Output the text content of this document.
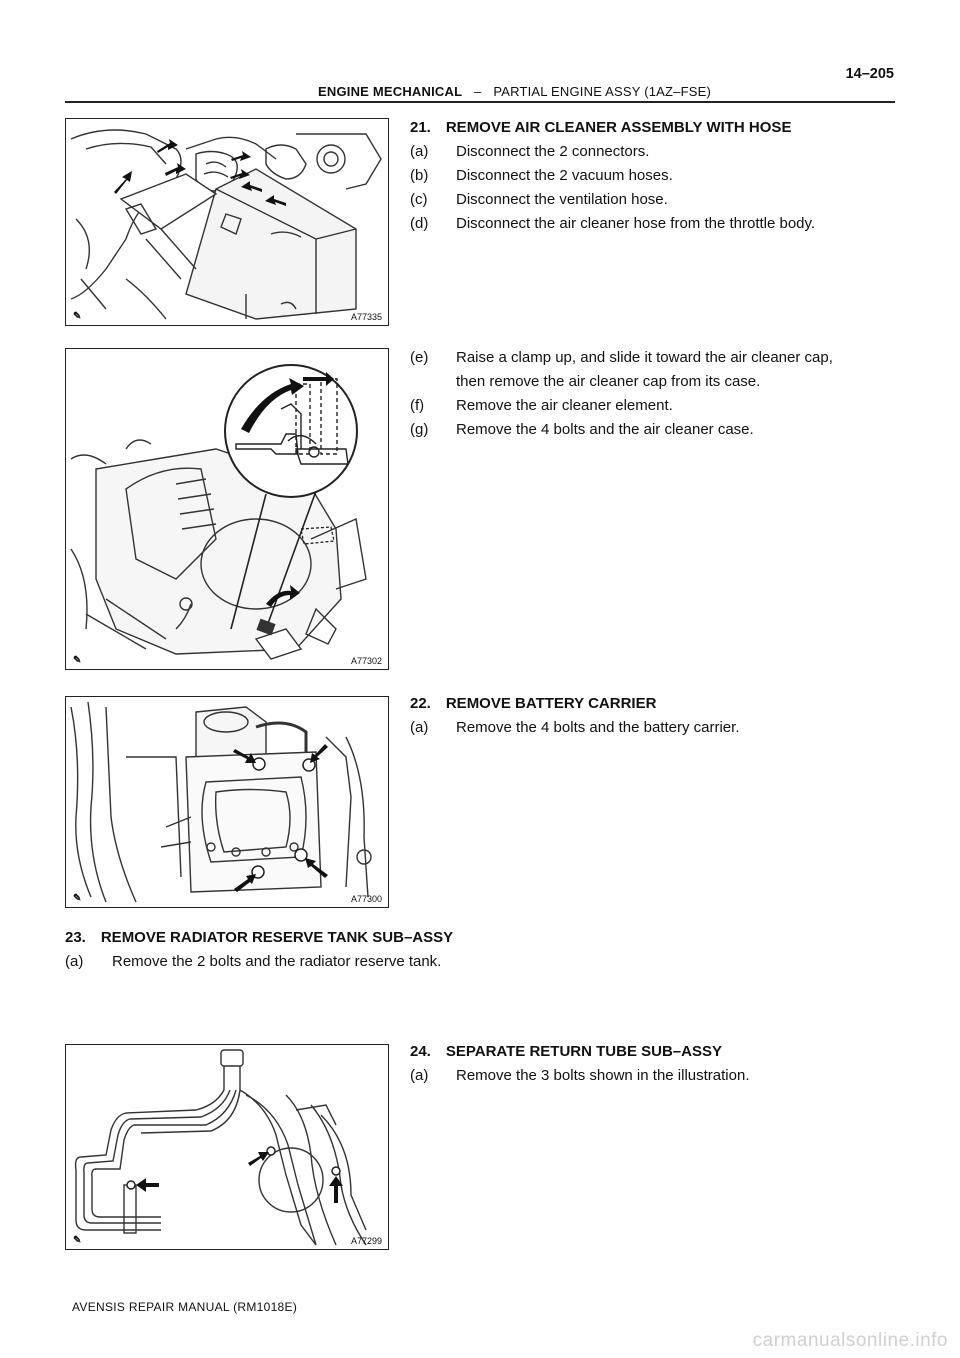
14–205
ENGINE MECHANICAL – PARTIAL ENGINE ASSY (1AZ–FSE)
✎	A77335
✎	A77302
✎	A77300
✎	A77299
21. REMOVE AIR CLEANER ASSEMBLY WITH HOSE
(a) Disconnect the 2 connectors.
(b) Disconnect the 2 vacuum hoses.
(c) Disconnect the ventilation hose.
(d) Disconnect the air cleaner hose from the throttle body.
(e) Raise a clamp up, and slide it toward the air cleaner cap,
then remove the air cleaner cap from its case.
(f) Remove the air cleaner element.
(g) Remove the 4 bolts and the air cleaner case.
22. REMOVE BATTERY CARRIER
(a) Remove the 4 bolts and the battery carrier.
23. REMOVE RADIATOR RESERVE TANK SUB–ASSY
(a) Remove the 2 bolts and the radiator reserve tank.
24. SEPARATE RETURN TUBE SUB–ASSY
(a) Remove the 3 bolts shown in the illustration.
AVENSIS REPAIR MANUAL (RM1018E)
carmanualsonline.info
